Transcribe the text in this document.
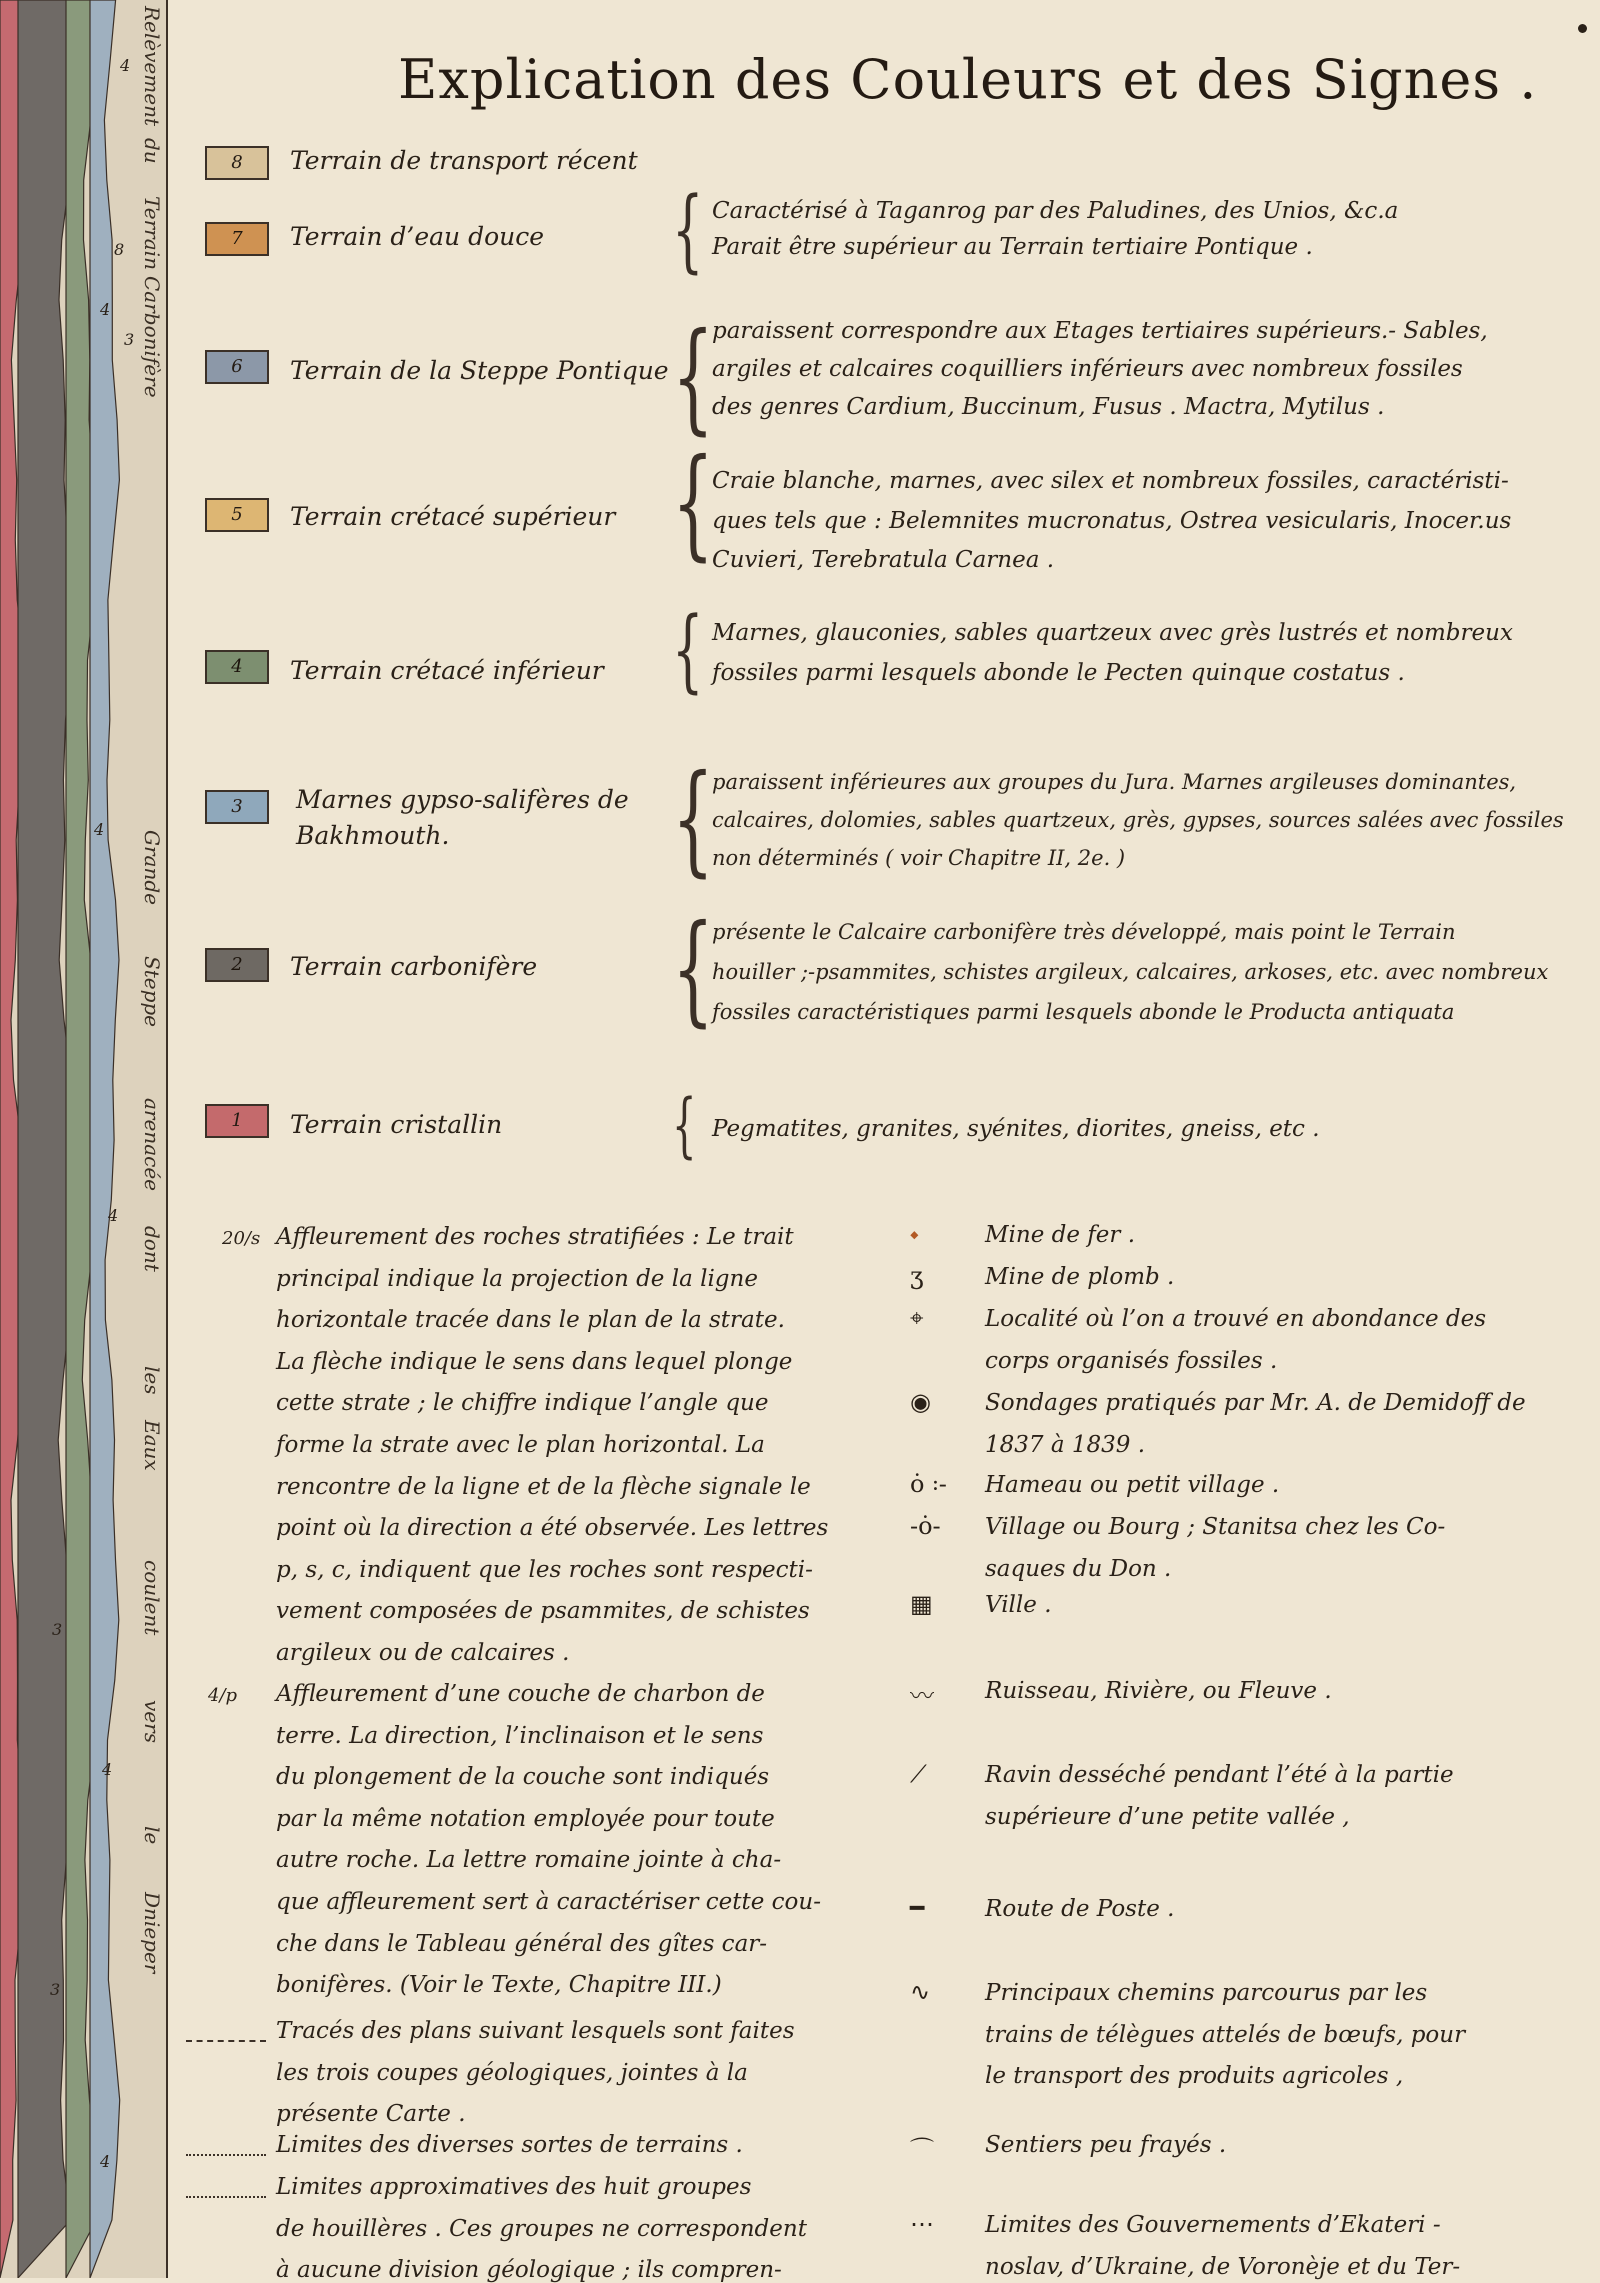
Relèvement
du
Terrain
Carbonifère
Grande
Steppe
arenacée
dont
les
Eaux
coulent
vers
le
Dnieper
4
8
4
3
4
4
3
4
3
4
Explication des Couleurs et des Signes .
8	Terrain de transport récent
7	Terrain d’eau douce { Caractérisé à Taganrog par des Paludines, des Unios, &c.a
Parait être supérieur au Terrain tertiaire Pontique .
6	Terrain de la Steppe Pontique {
paraissent correspondre aux Etages tertiaires supérieurs.- Sables,
argiles et calcaires coquilliers inférieurs avec nombreux fossiles
des genres Cardium, Buccinum, Fusus . Mactra, Mytilus .
5	Terrain crétacé supérieur {
Craie blanche, marnes, avec silex et nombreux fossiles, caractéristi-
ques tels que : Belemnites mucronatus, Ostrea vesicularis, Inocer.us
Cuvieri, Terebratula Carnea .
4	Terrain crétacé inférieur { Marnes, glauconies, sables quartzeux avec grès lustrés et nombreux
fossiles parmi lesquels abonde le Pecten quinque costatus .
3	Marnes gypso-salifères de Bakhmouth.	{
paraissent inférieures aux groupes du Jura. Marnes argileuses dominantes,
calcaires, dolomies, sables quartzeux, grès, gypses, sources salées avec fossiles
non déterminés ( voir Chapitre II, 2e. )
2	Terrain carbonifère {
présente le Calcaire carbonifère très développé, mais point le Terrain
houiller ;-psammites, schistes argileux, calcaires, arkoses, etc. avec nombreux
fossiles caractéristiques parmi lesquels abonde le Producta antiquata
1	Terrain cristallin { Pegmatites, granites, syénites, diorites, gneiss, etc .
20/s Affleurement des roches stratifiées : Le trait
principal indique la projection de la ligne
horizontale tracée dans le plan de la strate.
La flèche indique le sens dans lequel plonge
cette strate ; le chiffre indique l’angle que
forme la strate avec le plan horizontal. La
rencontre de la ligne et de la flèche signale le
point où la direction a été observée. Les lettres
p, s, c, indiquent que les roches sont respecti-
vement composées de psammites, de schistes
argileux ou de calcaires .
4/p Affleurement d’une couche de charbon de
terre. La direction, l’inclinaison et le sens
du plongement de la couche sont indiqués
par la même notation employée pour toute
autre roche. La lettre romaine jointe à cha-
que affleurement sert à caractériser cette cou-
che dans le Tableau général des gîtes car-
bonifères. (Voir le Texte, Chapitre III.)
Tracés des plans suivant lesquels sont faites
les trois coupes géologiques, jointes à la
présente Carte .
Limites des diverses sortes de terrains .
Limites approximatives des huit groupes
de houillères . Ces groupes ne correspondent
à aucune division géologique ; ils compren-
⬩	Mine de fer .
ʒ	Mine de plomb .
⌖	Localité où l’on a trouvé en abondance des
corps organisés fossiles .
◉ Sondages pratiqués par Mr. A. de Demidoff de
1837 à 1839 .
ȯ ꞉- Hameau ou petit village .
-ȯ- Village ou Bourg ; Stanitsa chez les Co-
saques du Don .
▦ Ville .
〰 Ruisseau, Rivière, ou Fleuve .
⟋	Ravin desséché pendant l’été à la partie
supérieure d’une petite vallée ,
━	Route de Poste .
∿ Principaux chemins parcourus par les
trains de télègues attelés de bœufs, pour
le transport des produits agricoles ,
⌒ Sentiers peu frayés .
⋯ Limites des Gouvernements d’Ekateri -
noslav, d’Ukraine, de Voronèje et du Ter-
